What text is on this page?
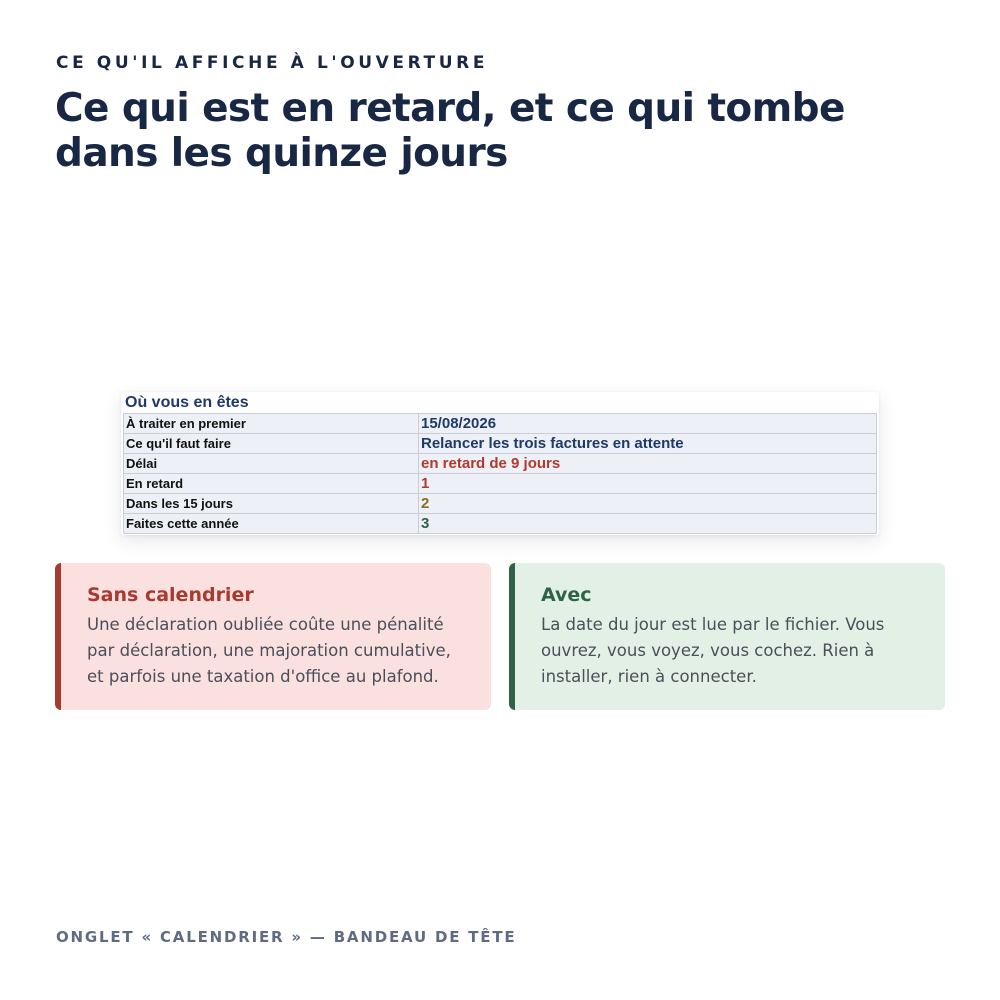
CE QU'IL AFFICHE À L'OUVERTURE
Ce qui est en retard, et ce qui tombe dans les quinze jours
Où vous en êtes
À traiter en premier	15/08/2026
Ce qu'il faut faire	Relancer les trois factures en attente
Délai	en retard de 9 jours
En retard	1
Dans les 15 jours	2
Faites cette année	3
Sans calendrier

Une déclaration oubliée coûte une pénalité par déclaration, une majoration cumulative, et parfois une taxation d'office au plafond.

Avec

La date du jour est lue par le fichier. Vous ouvrez, vous voyez, vous cochez. Rien à installer, rien à connecter.

ONGLET « CALENDRIER » — BANDEAU DE TÊTE
